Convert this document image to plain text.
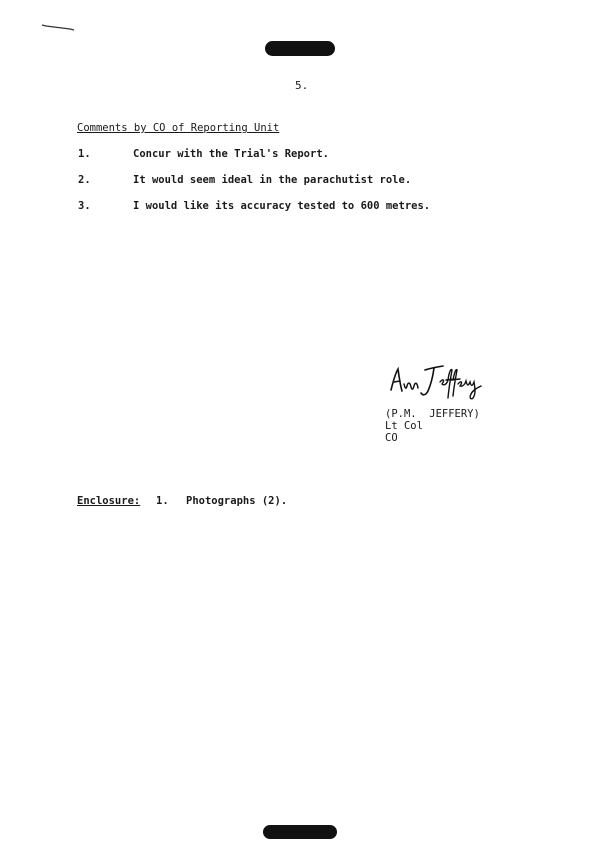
5.
Comments by CO of Reporting Unit
1.	Concur with the Trial's Report.
2.	It would seem ideal in the parachutist role.
3.	I would like its accuracy tested to 600 metres.
(P.M.  JEFFERY)
Lt Col
CO
Enclosure: 1. Photographs (2).
